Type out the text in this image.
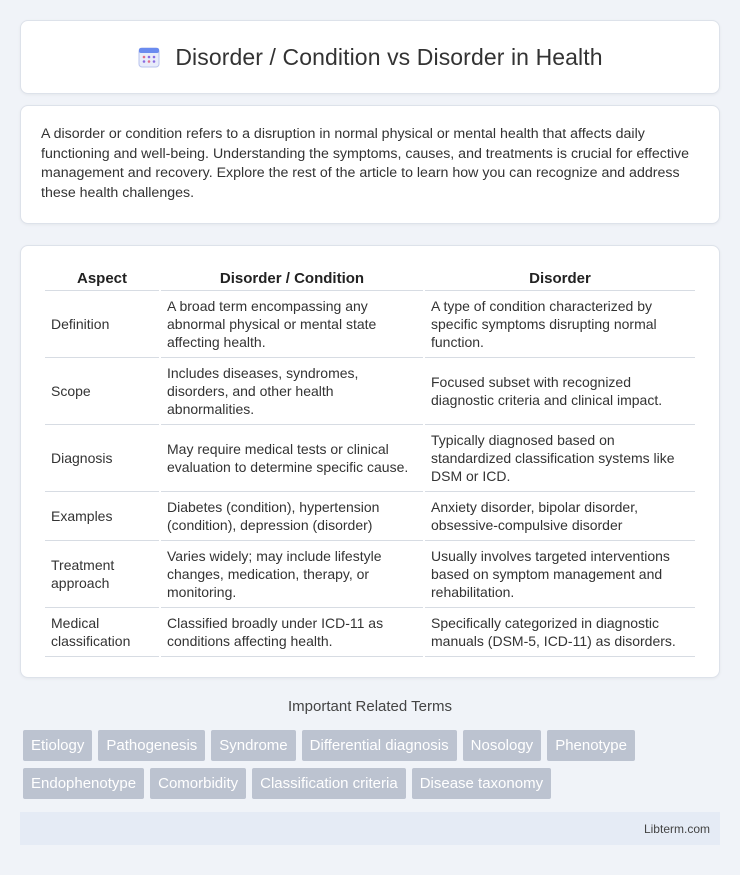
Disorder / Condition vs Disorder in Health

A disorder or condition refers to a disruption in normal physical or mental health that affects daily functioning and well-being. Understanding the symptoms, causes, and treatments is crucial for effective management and recovery. Explore the rest of the article to learn how you can recognize and address these health challenges.

Aspect	Disorder / Condition	Disorder
Definition	A broad term encompassing any abnormal physical or mental state affecting health.	A type of condition characterized by specific symptoms disrupting normal function.
Scope	Includes diseases, syndromes, disorders, and other health abnormalities.	Focused subset with recognized diagnostic criteria and clinical impact.
Diagnosis	May require medical tests or clinical evaluation to determine specific cause.	Typically diagnosed based on standardized classification systems like DSM or ICD.
Examples	Diabetes (condition), hypertension (condition), depression (disorder)	Anxiety disorder, bipolar disorder, obsessive-compulsive disorder
Treatment approach	Varies widely; may include lifestyle changes, medication, therapy, or monitoring.	Usually involves targeted interventions based on symptom management and rehabilitation.
Medical classification	Classified broadly under ICD-11 as conditions affecting health.	Specifically categorized in diagnostic manuals (DSM-5, ICD-11) as disorders.
Important Related Terms
Etiology	Pathogenesis	Syndrome	Differential diagnosis	Nosology	Phenotype
Endophenotype	Comorbidity	Classification criteria	Disease taxonomy
Libterm.com
